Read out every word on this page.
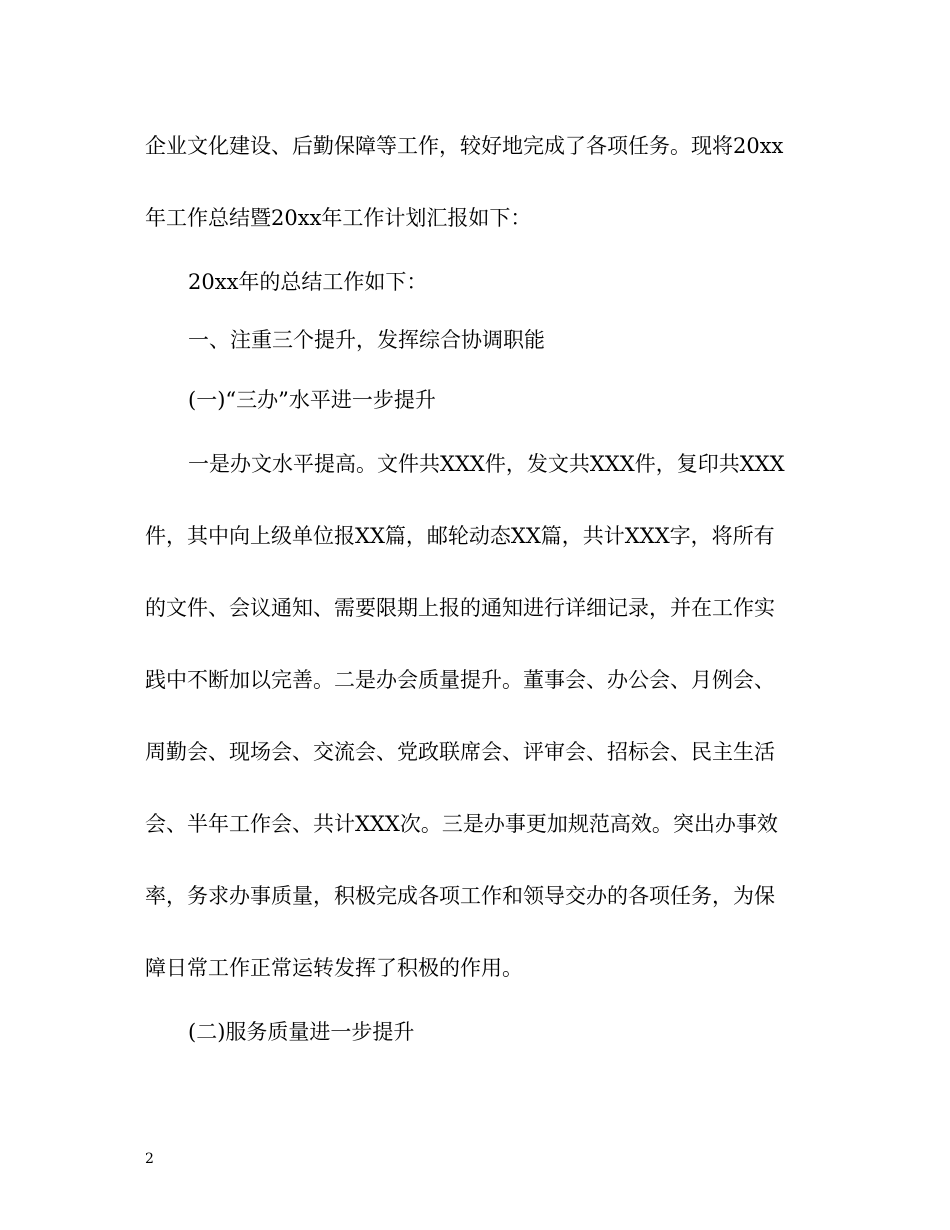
企业文化建设、后勤保障等工作，较好地完成了各项任务。现将20xx
年工作总结暨20xx年工作计划汇报如下：
20xx年的总结工作如下：
一、注重三个提升，发挥综合协调职能
(一)“三办”水平进一步提升
一是办文水平提高。文件共XXX件，发文共XXX件，复印共XXX
件，其中向上级单位报XX篇，邮轮动态XX篇，共计XXX字，将所有
的文件、会议通知、需要限期上报的通知进行详细记录，并在工作实
践中不断加以完善。二是办会质量提升。董事会、办公会、月例会、
周勤会、现场会、交流会、党政联席会、评审会、招标会、民主生活
会、半年工作会、共计XXX次。三是办事更加规范高效。突出办事效
率，务求办事质量，积极完成各项工作和领导交办的各项任务，为保
障日常工作正常运转发挥了积极的作用。
(二)服务质量进一步提升
2
